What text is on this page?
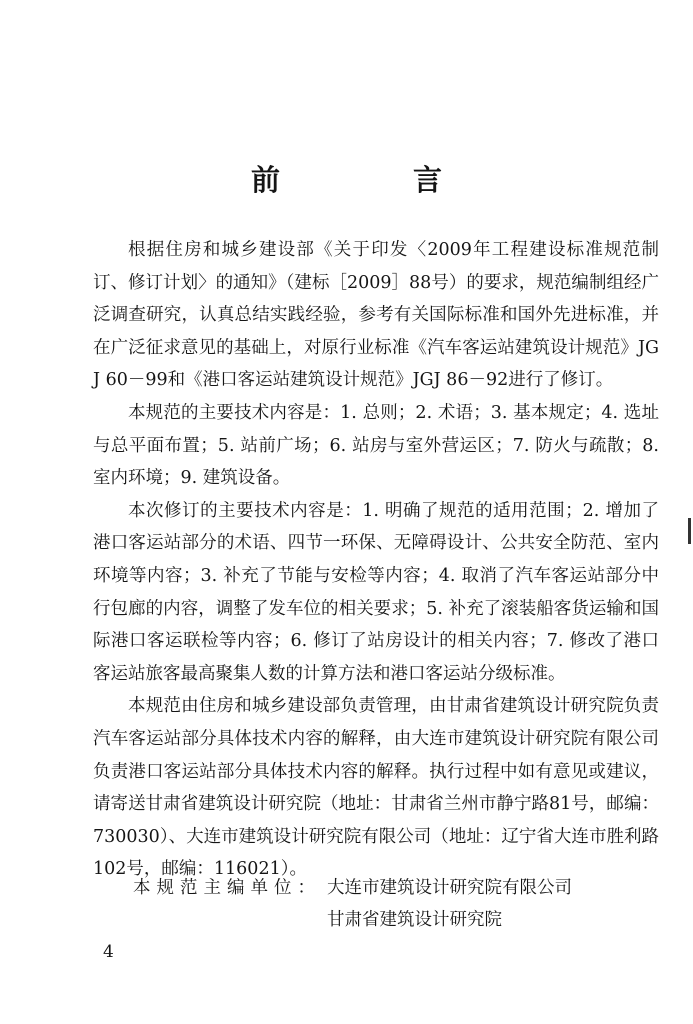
前　言

根据住房和城乡建设部《关于印发〈2009年工程建设标准规范制订、修订计划〉的通知》（建标［2009］88号）的要求，规范编制组经广泛调查研究，认真总结实践经验，参考有关国际标准和国外先进标准，并在广泛征求意见的基础上，对原行业标准《汽车客运站建筑设计规范》JGJ 60－99和《港口客运站建筑设计规范》JGJ 86－92进行了修订。

本规范的主要技术内容是：1. 总则；2. 术语；3. 基本规定；4. 选址与总平面布置；5. 站前广场；6. 站房与室外营运区；7. 防火与疏散；8. 室内环境；9. 建筑设备。

本次修订的主要技术内容是：1. 明确了规范的适用范围；2. 增加了港口客运站部分的术语、四节一环保、无障碍设计、公共安全防范、室内环境等内容；3. 补充了节能与安检等内容；4. 取消了汽车客运站部分中行包廊的内容，调整了发车位的相关要求；5. 补充了滚装船客货运输和国际港口客运联检等内容；6. 修订了站房设计的相关内容；7. 修改了港口客运站旅客最高聚集人数的计算方法和港口客运站分级标准。

本规范由住房和城乡建设部负责管理，由甘肃省建筑设计研究院负责汽车客运站部分具体技术内容的解释，由大连市建筑设计研究院有限公司负责港口客运站部分具体技术内容的解释。执行过程中如有意见或建议，请寄送甘肃省建筑设计研究院（地址：甘肃省兰州市静宁路81号，邮编：730030）、大连市建筑设计研究院有限公司（地址：辽宁省大连市胜利路102号，邮编：116021）。

本规范主编单位： 大连市建筑设计研究院有限公司
甘肃省建筑设计研究院
4
